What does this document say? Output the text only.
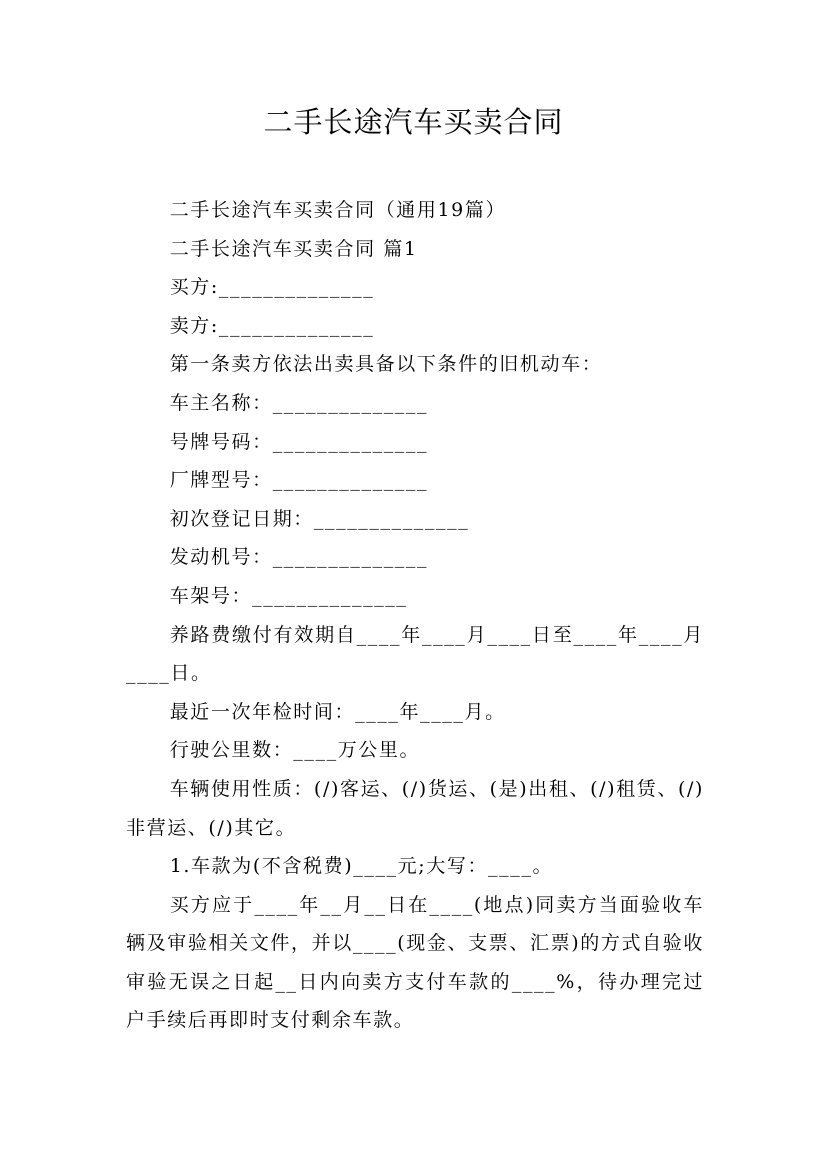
二手长途汽车买卖合同

二手长途汽车买卖合同（通用19篇）

二手长途汽车买卖合同 篇1

买方:______________

卖方:______________

第一条卖方依法出卖具备以下条件的旧机动车：

车主名称：______________

号牌号码：______________

厂牌型号：______________

初次登记日期：______________

发动机号：______________

车架号：______________

养路费缴付有效期自____年____月____日至____年____月____日。

最近一次年检时间：____年____月。

行驶公里数：____万公里。

车辆使用性质：(/)客运、(/)货运、(是)出租、(/)租赁、(/)非营运、(/)其它。

1.车款为(不含税费)____元;大写：____。

买方应于____年__月__日在____(地点)同卖方当面验收车辆及审验相关文件，并以____(现金、支票、汇票)的方式自验收审验无误之日起__日内向卖方支付车款的____%，待办理完过户手续后再即时支付剩余车款。
